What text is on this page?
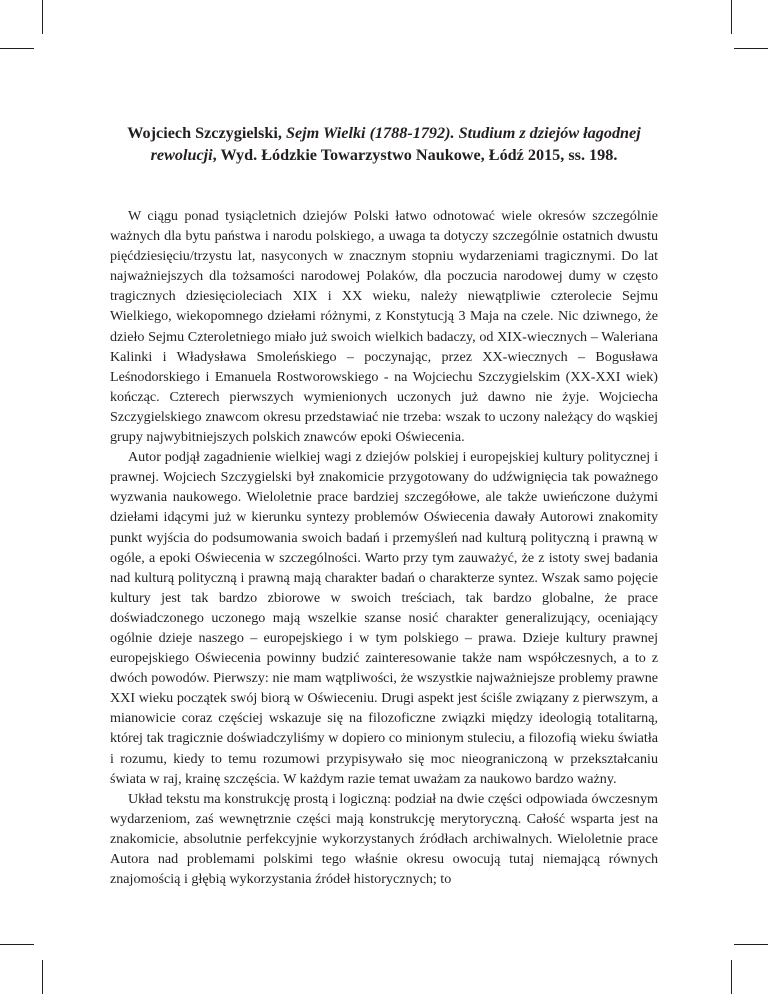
Wojciech Szczygielski, Sejm Wielki (1788-1792). Studium z dziejów łagodnej rewolucji, Wyd. Łódzkie Towarzystwo Naukowe, Łódź 2015, ss. 198.

W ciągu ponad tysiącletnich dziejów Polski łatwo odnotować wiele okresów szczególnie ważnych dla bytu państwa i narodu polskiego, a uwaga ta dotyczy szczególnie ostatnich dwustu pięćdziesięciu/trzystu lat, nasyconych w znacznym stopniu wydarzeniami tragicznymi. Do lat najważniejszych dla tożsamości narodowej Polaków, dla poczucia narodowej dumy w często tragicznych dziesięcioleciach XIX i XX wieku, należy niewątpliwie czterolecie Sejmu Wielkiego, wiekopomnego dziełami różnymi, z Konstytucją 3 Maja na czele. Nic dziwnego, że dzieło Sejmu Czteroletniego miało już swoich wielkich badaczy, od XIX-wiecznych – Waleriana Kalinki i Władysława Smoleńskiego – poczynając, przez XX-wiecznych – Bogusława Leśnodorskiego i Emanuela Rostworowskiego - na Wojciechu Szczygielskim (XX-XXI wiek) kończąc. Czterech pierwszych wymienionych uczonych już dawno nie żyje. Wojciecha Szczygielskiego znawcom okresu przedstawiać nie trzeba: wszak to uczony należący do wąskiej grupy najwybitniejszych polskich znawców epoki Oświecenia.

Autor podjął zagadnienie wielkiej wagi z dziejów polskiej i europejskiej kultury politycznej i prawnej. Wojciech Szczygielski był znakomicie przygotowany do udźwignięcia tak poważnego wyzwania naukowego. Wieloletnie prace bardziej szczegółowe, ale także uwieńczone dużymi dziełami idącymi już w kierunku syntezy problemów Oświecenia dawały Autorowi znakomity punkt wyjścia do podsumowania swoich badań i przemyśleń nad kulturą polityczną i prawną w ogóle, a epoki Oświecenia w szczególności. Warto przy tym zauważyć, że z istoty swej badania nad kulturą polityczną i prawną mają charakter badań o charakterze syntez. Wszak samo pojęcie kultury jest tak bardzo zbiorowe w swoich treściach, tak bardzo globalne, że prace doświadczonego uczonego mają wszelkie szanse nosić charakter generalizujący, oceniający ogólnie dzieje naszego – europejskiego i w tym polskiego – prawa. Dzieje kultury prawnej europejskiego Oświecenia powinny budzić zainteresowanie także nam współczesnych, a to z dwóch powodów. Pierwszy: nie mam wątpliwości, że wszystkie najważniejsze problemy prawne XXI wieku początek swój biorą w Oświeceniu. Drugi aspekt jest ściśle związany z pierwszym, a mianowicie coraz częściej wskazuje się na filozoficzne związki między ideologią totalitarną, której tak tragicznie doświadczyliśmy w dopiero co minionym stuleciu, a filozofią wieku światła i rozumu, kiedy to temu rozumowi przypisywało się moc nieograniczoną w przekształcaniu świata w raj, krainę szczęścia. W każdym razie temat uważam za naukowo bardzo ważny.

Układ tekstu ma konstrukcję prostą i logiczną: podział na dwie części odpowiada ówczesnym wydarzeniom, zaś wewnętrznie części mają konstrukcję merytoryczną. Całość wsparta jest na znakomicie, absolutnie perfekcyjnie wykorzystanych źródłach archiwalnych. Wieloletnie prace Autora nad problemami polskimi tego właśnie okresu owocują tutaj niemającą równych znajomością i głębią wykorzystania źródeł historycznych; to
